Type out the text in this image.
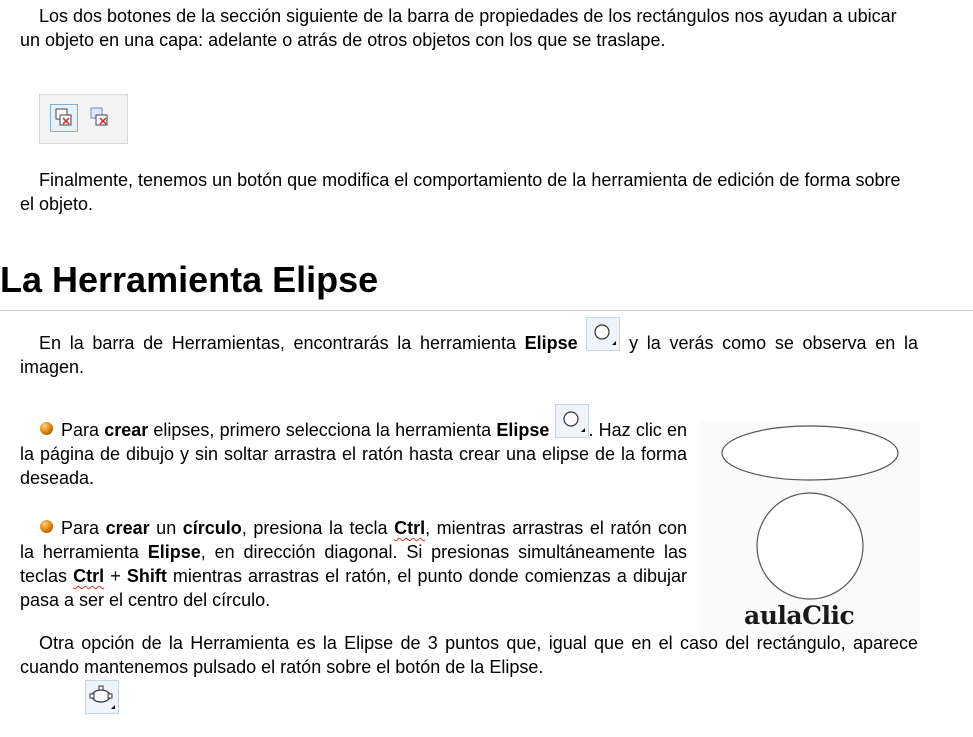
Los dos botones de la sección siguiente de la barra de propiedades de los rectángulos nos ayudan a ubicar un objeto en una capa: adelante o atrás de otros objetos con los que se traslape.

Finalmente, tenemos un botón que modifica el comportamiento de la herramienta de edición de forma sobre el objeto.

La Herramienta Elipse

En la barra de Herramientas, encontrarás la herramienta Elipse
y la verás como se observa en la imagen.

Para crear elipses, primero selecciona la herramienta Elipse . Haz clic en la página de dibujo y sin soltar arrastra el ratón hasta crear una elipse de la forma deseada.

Para crear un círculo, presiona la tecla Ctrl, mientras arrastras el ratón con la herramienta Elipse, en dirección diagonal. Si presionas simultáneamente las teclas Ctrl + Shift mientras arrastras el ratón, el punto donde comienzas a dibujar pasa a ser el centro del círculo.

aulaClic

Otra opción de la Herramienta es la Elipse de 3 puntos que, igual que en el caso del rectángulo, aparece cuando mantenemos pulsado el ratón sobre el botón de la Elipse.
